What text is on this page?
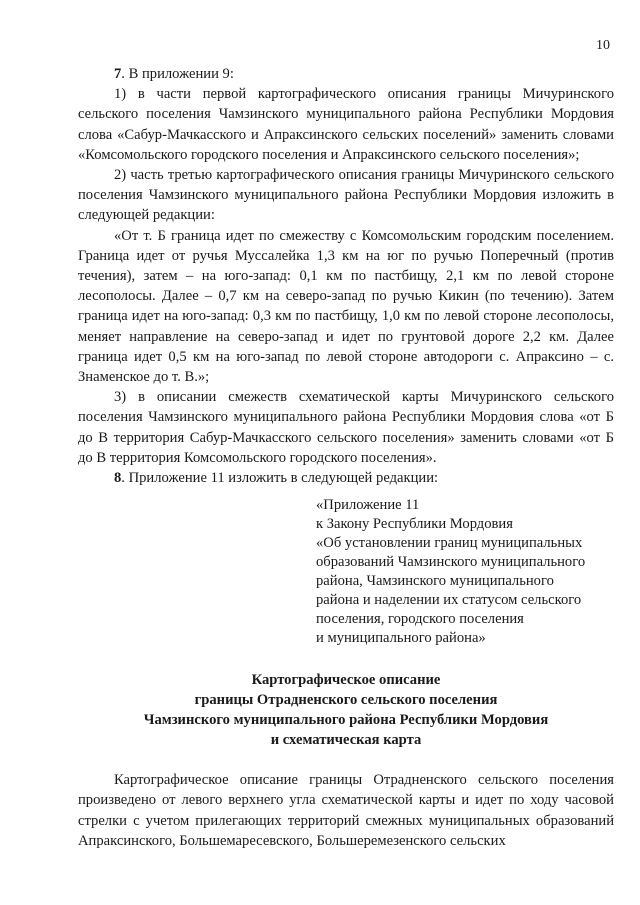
10

7. В приложении 9:

1) в части первой картографического описания границы Мичуринского сельского поселения Чамзинского муниципального района Республики Мордовия слова «Сабур-Мачкасского и Апраксинского сельских поселений» заменить словами «Комсомольского городского поселения и Апраксинского сельского поселения»;

2) часть третью картографического описания границы Мичуринского сельского поселения Чамзинского муниципального района Республики Мордовия изложить в следующей редакции:

«От т. Б граница идет по смежеству с Комсомольским городским поселением. Граница идет от ручья Муссалейка 1,3 км на юг по ручью Поперечный (против течения), затем – на юго-запад: 0,1 км по пастбищу, 2,1 км по левой стороне лесополосы. Далее – 0,7 км на северо-запад по ручью Кикин (по течению). Затем граница идет на юго-запад: 0,3 км по пастбищу, 1,0 км по левой стороне лесополосы, меняет направление на северо-запад и идет по грунтовой дороге 2,2 км. Далее граница идет 0,5 км на юго-запад по левой стороне автодороги с. Апраксино – с. Знаменское до т. В.»;

3) в описании смежеств схематической карты Мичуринского сельского поселения Чамзинского муниципального района Республики Мордовия слова «от Б до В территория Сабур-Мачкасского сельского поселения» заменить словами «от Б до В территория Комсомольского городского поселения».

8. Приложение 11 изложить в следующей редакции:

«Приложение 11
к Закону Республики Мордовия
«Об установлении границ муниципальных
образований Чамзинского муниципального
района, Чамзинского муниципального
района и наделении их статусом сельского
поселения, городского поселения
и муниципального района»
Картографическое описание
границы Отрадненского сельского поселения
Чамзинского муниципального района Республики Мордовия
и схематическая карта

Картографическое описание границы Отрадненского сельского поселения произведено от левого верхнего угла схематической карты и идет по ходу часовой стрелки с учетом прилегающих территорий смежных муниципальных образований Апраксинского, Большемаресевского, Большеремезенского сельских
